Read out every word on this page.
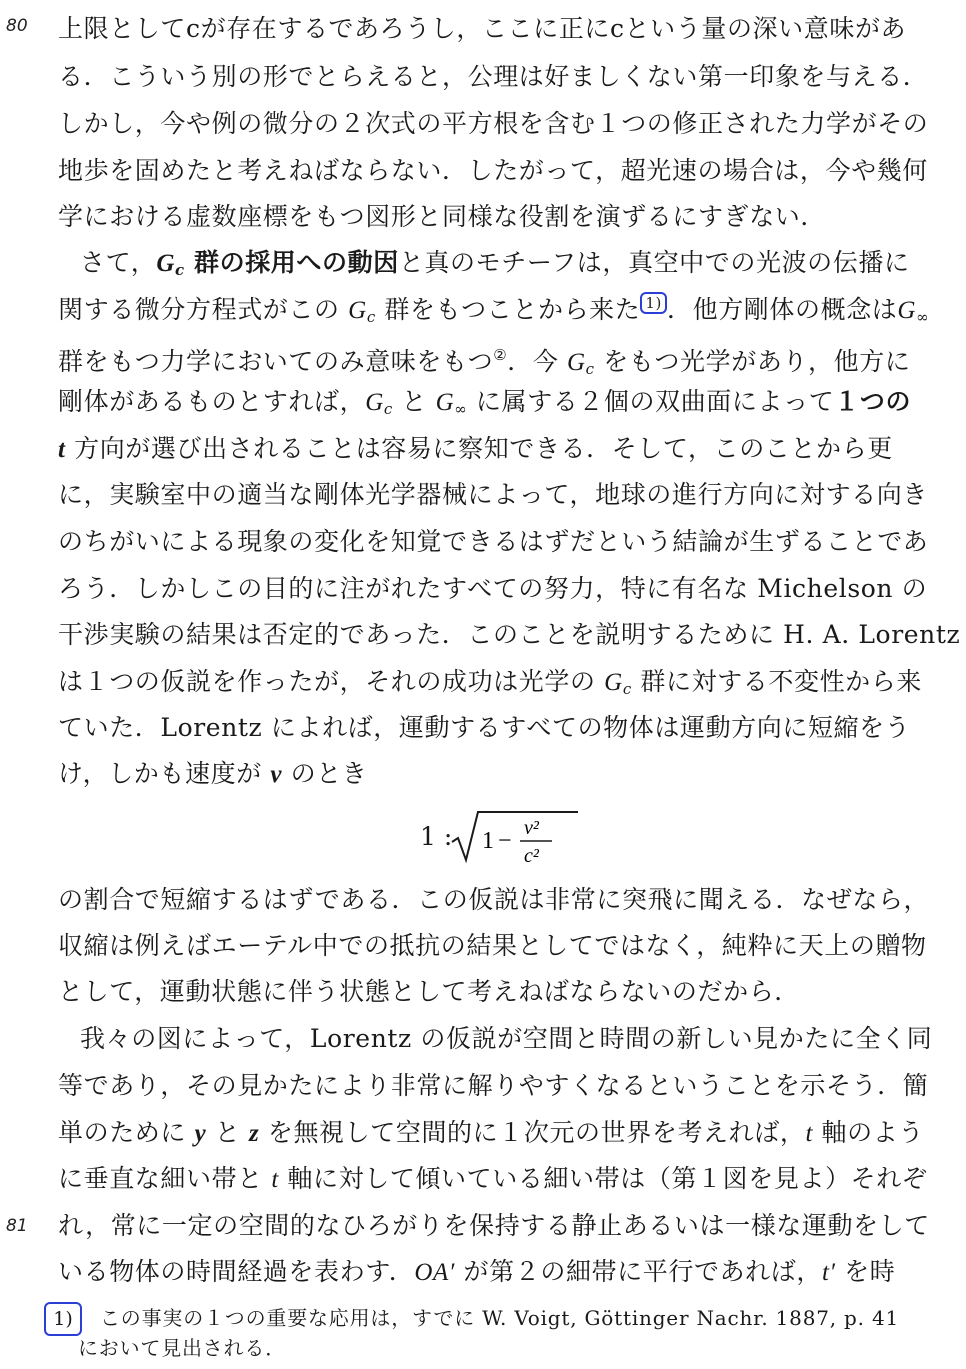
80
81
上限としてcが存在するであろうし，ここに正にcという量の深い意味があ
る．こういう別の形でとらえると，公理は好ましくない第一印象を与える．
しかし，今や例の微分の２次式の平方根を含む１つの修正された力学がその
地歩を固めたと考えねばならない．したがって，超光速の場合は，今や幾何
学における虚数座標をもつ図形と同様な役割を演ずるにすぎない．
さて，$G_c$ 群の採用への動因と真のモチーフは，真空中での光波の伝播に
関する微分方程式がこの $G_c$ 群をもつことから来た 1) ．他方剛体の概念は$G_\infty$
群をもつ力学においてのみ意味をもつ②．今 $G_c$ をもつ光学があり，他方に
剛体があるものとすれば，$G_c$ と $G_\infty$ に属する２個の双曲面によって１つの
t 方向が選び出されることは容易に察知できる．そして，このことから更
に，実験室中の適当な剛体光学器械によって，地球の進行方向に対する向き
のちがいによる現象の変化を知覚できるはずだという結論が生ずることであ
ろう．しかしこの目的に注がれたすべての努力，特に有名な Michelson の
干渉実験の結果は否定的であった．このことを説明するために H. A. Lorentz
は１つの仮説を作ったが，それの成功は光学の $G_c$ 群に対する不変性から来
ていた．Lorentz によれば，運動するすべての物体は運動方向に短縮をう
け，しかも速度が v のとき
1 : 1 − v²
c²
の割合で短縮するはずである．この仮説は非常に突飛に聞える．なぜなら，
収縮は例えばエーテル中での抵抗の結果としてではなく，純粋に天上の贈物
として，運動状態に伴う状態として考えねばならないのだから．
我々の図によって，Lorentz の仮説が空間と時間の新しい見かたに全く同
等であり，その見かたにより非常に解りやすくなるということを示そう．簡
単のために y と z を無視して空間的に１次元の世界を考えれば，t 軸のよう
に垂直な細い帯と t 軸に対して傾いている細い帯は（第１図を見よ）それぞ
れ，常に一定の空間的なひろがりを保持する静止あるいは一様な運動をして
いる物体の時間経過を表わす．OA′ が第２の細帯に平行であれば，t′ を時
1)	この事実の１つの重要な応用は，すでに W. Voigt, Göttinger Nachr. 1887, p. 41
において見出される．
